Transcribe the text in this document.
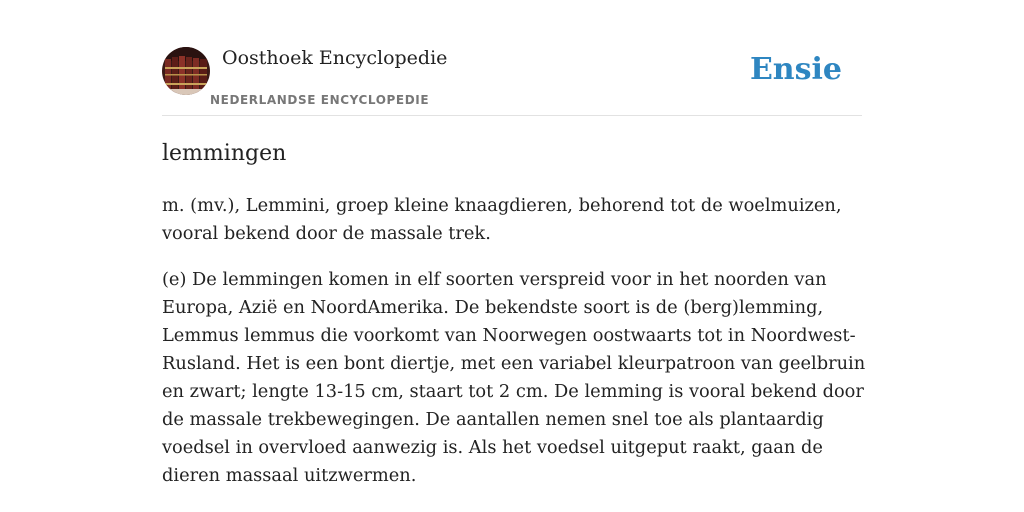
Oosthoek Encyclopedie
NEDERLANDSE ENCYCLOPEDIE
Ensie
lemmingen

m. (mv.), Lemmini, groep kleine knaagdieren, behorend tot de woelmuizen, vooral bekend door de massale trek.

(e) De lemmingen komen in elf soorten verspreid voor in het noorden van Europa, Azië en NoordAmerika. De bekendste soort is de (berg)lemming, Lemmus lemmus die voorkomt van Noorwegen oostwaarts tot in Noordwest-Rusland. Het is een bont diertje, met een variabel kleurpatroon van geelbruin en zwart; lengte 13-15 cm, staart tot 2 cm. De lemming is vooral bekend door de massale trekbewegingen. De aantallen nemen snel toe als plantaardig voedsel in overvloed aanwezig is. Als het voedsel uitgeput raakt, gaan de dieren massaal uitzwermen.
